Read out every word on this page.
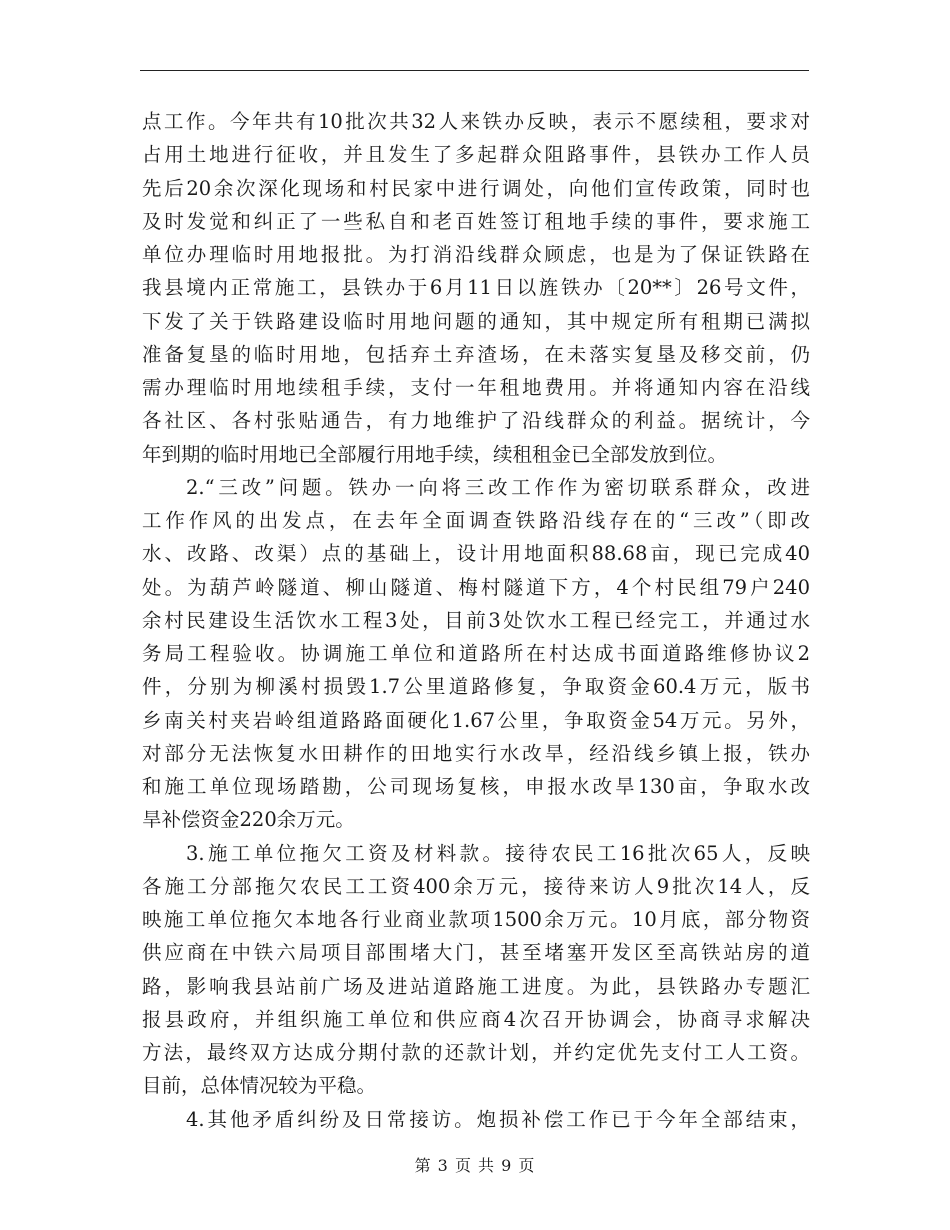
点工作。今年共有10批次共32人来铁办反映，表示不愿续租，要求对
占用土地进行征收，并且发生了多起群众阻路事件，县铁办工作人员
先后20余次深化现场和村民家中进行调处，向他们宣传政策，同时也
及时发觉和纠正了一些私自和老百姓签订租地手续的事件，要求施工
单位办理临时用地报批。为打消沿线群众顾虑，也是为了保证铁路在
我县境内正常施工，县铁办于6月11日以旌铁办〔20**〕26号文件，
下发了关于铁路建设临时用地问题的通知，其中规定所有租期已满拟
准备复垦的临时用地，包括弃土弃渣场，在未落实复垦及移交前，仍
需办理临时用地续租手续，支付一年租地费用。并将通知内容在沿线
各社区、各村张贴通告，有力地维护了沿线群众的利益。据统计，今
年到期的临时用地已全部履行用地手续，续租租金已全部发放到位。
2.“三改”问题。铁办一向将三改工作作为密切联系群众，改进
工作作风的出发点，在去年全面调查铁路沿线存在的“三改”（即改
水、改路、改渠）点的基础上，设计用地面积88.68亩，现已完成40
处。为葫芦岭隧道、柳山隧道、梅村隧道下方，4个村民组79户240
余村民建设生活饮水工程3处，目前3处饮水工程已经完工，并通过水
务局工程验收。协调施工单位和道路所在村达成书面道路维修协议2
件，分别为柳溪村损毁1.7公里道路修复，争取资金60.4万元，版书
乡南关村夹岩岭组道路路面硬化1.67公里，争取资金54万元。另外，
对部分无法恢复水田耕作的田地实行水改旱，经沿线乡镇上报，铁办
和施工单位现场踏勘，公司现场复核，申报水改旱130亩，争取水改
旱补偿资金220余万元。
3.施工单位拖欠工资及材料款。接待农民工16批次65人，反映
各施工分部拖欠农民工工资400余万元，接待来访人9批次14人，反
映施工单位拖欠本地各行业商业款项1500余万元。10月底，部分物资
供应商在中铁六局项目部围堵大门，甚至堵塞开发区至高铁站房的道
路，影响我县站前广场及进站道路施工进度。为此，县铁路办专题汇
报县政府，并组织施工单位和供应商4次召开协调会，协商寻求解决
方法，最终双方达成分期付款的还款计划，并约定优先支付工人工资。
目前，总体情况较为平稳。
4.其他矛盾纠纷及日常接访。炮损补偿工作已于今年全部结束，
第 3 页 共 9 页
